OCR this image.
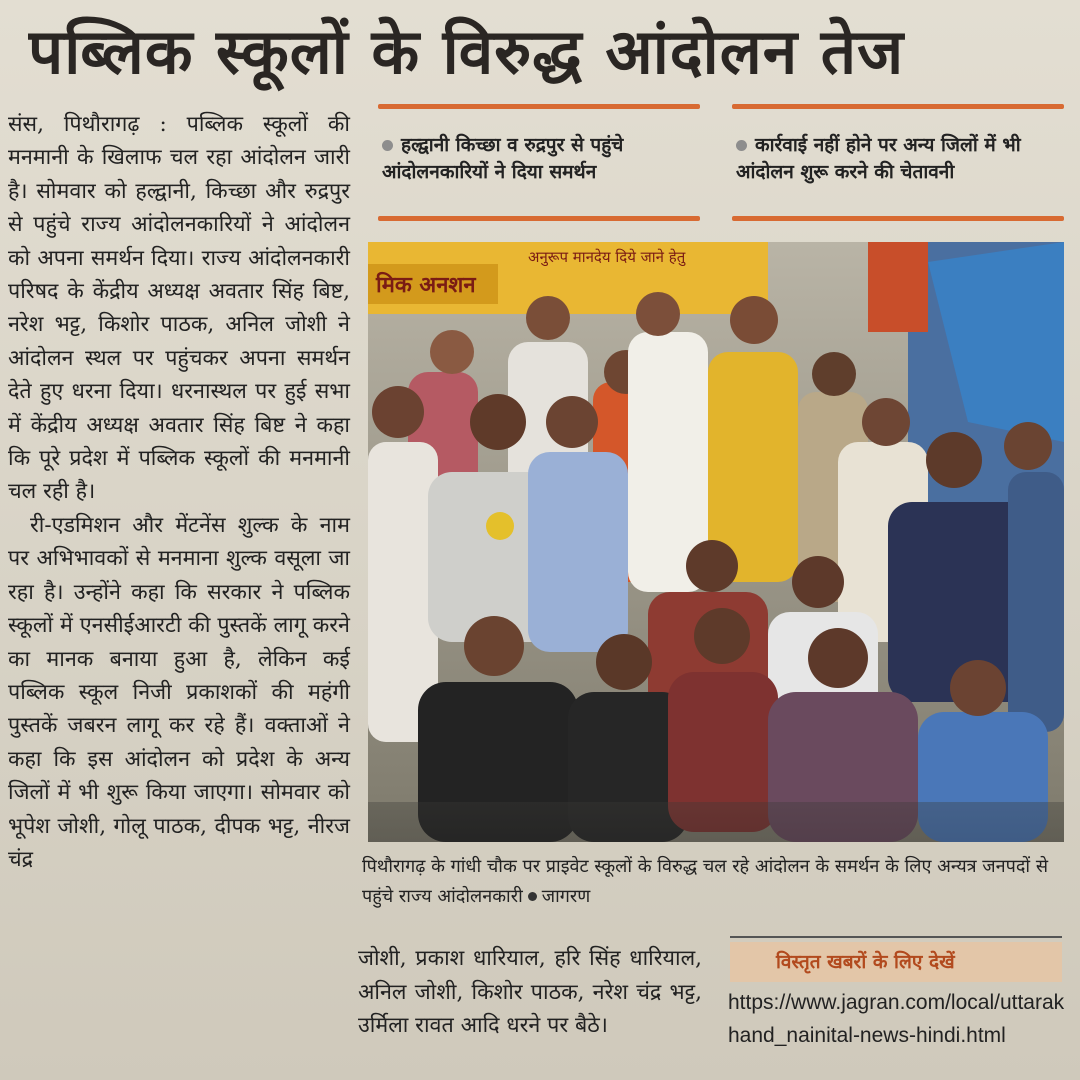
पब्लिक स्कूलों के विरुद्ध आंदोलन तेज

संस, पिथौरागढ़ : पब्लिक स्कूलों की मनमानी के खिलाफ चल रहा आंदोलन जारी है। सोमवार को हल्द्वानी, किच्छा और रुद्रपुर से पहुंचे राज्य आंदोलनकारियों ने आंदोलन को अपना समर्थन दिया। राज्य आंदोलनकारी परिषद के केंद्रीय अध्यक्ष अवतार सिंह बिष्ट, नरेश भट्ट, किशोर पाठक, अनिल जोशी ने आंदोलन स्थल पर पहुंचकर अपना समर्थन देते हुए धरना दिया। धरनास्थल पर हुई सभा में केंद्रीय अध्यक्ष अवतार सिंह बिष्ट ने कहा कि पूरे प्रदेश में पब्लिक स्कूलों की मनमानी चल रही है।

री-एडमिशन और मेंटनेंस शुल्क के नाम पर अभिभावकों से मनमाना शुल्क वसूला जा रहा है। उन्होंने कहा कि सरकार ने पब्लिक स्कूलों में एनसीईआरटी की पुस्तकें लागू करने का मानक बनाया हुआ है, लेकिन कई पब्लिक स्कूल निजी प्रकाशकों की महंगी पुस्तकें जबरन लागू कर रहे हैं। वक्ताओं ने कहा कि इस आंदोलन को प्रदेश के अन्य जिलों में भी शुरू किया जाएगा। सोमवार को भूपेश जोशी, गोलू पाठक, दीपक भट्ट, नीरज चंद्र

हल्द्वानी किच्छा व रुद्रपुर से पहुंचे आंदोलनकारियों ने दिया समर्थन
कार्रवाई नहीं होने पर अन्य जिलों में भी आंदोलन शुरू करने की चेतावनी
मिक अनशन
अनुरूप मानदेय दिये जाने हेतु
पिथौरागढ़ के गांधी चौक पर प्राइवेट स्कूलों के विरुद्ध चल रहे आंदोलन के समर्थन के लिए अन्यत्र जनपदों से पहुंचे राज्य आंदोलनकारी जागरण
जोशी, प्रकाश धारियाल, हरि सिंह धारियाल, अनिल जोशी, किशोर पाठक, नरेश चंद्र भट्ट, उर्मिला रावत आदि धरने पर बैठे।
विस्तृत खबरों के लिए देखें
https://www.jagran.com/local/uttarakhand_nainital-news-hindi.html
